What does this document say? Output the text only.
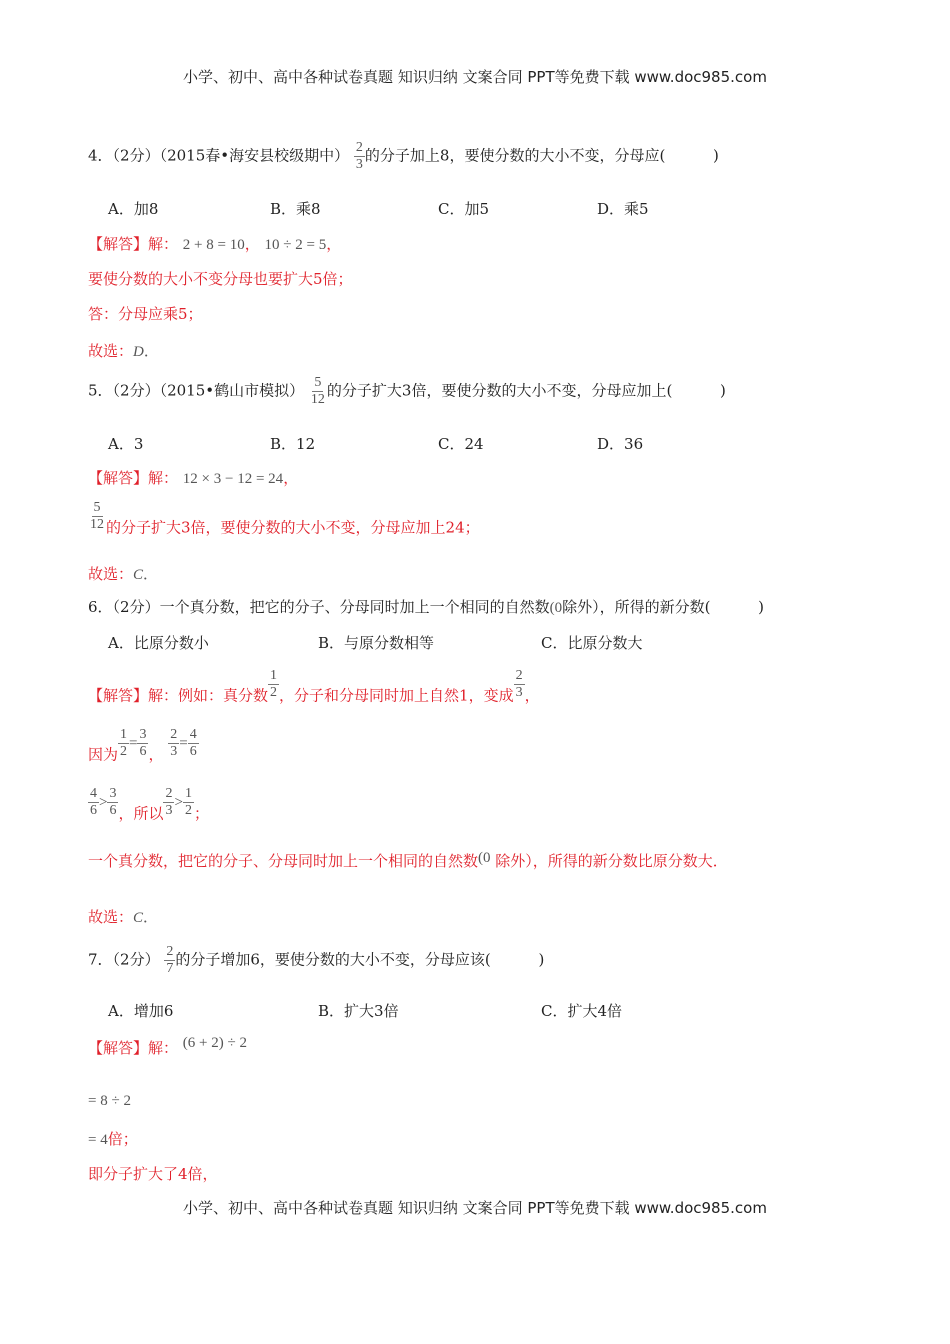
小学、初中、高中各种试卷真题 知识归纳 文案合同 PPT等免费下载 www.doc985.com
4．（2分）（2015春•海安县校级期中） $\frac{2}{3}$ 的分子加上8，要使分数的大小不变，分母应(          )
A．加8	B．乘8	C．加5	D．乘5
【解答】解： 2 + 8 = 10， 10 ÷ 2 = 5，
要使分数的大小不变分母也要扩大5倍；
答：分母应乘5；
故选：D．
5．（2分）（2015•鹤山市模拟） $\frac{5}{12}$ 的分子扩大3倍，要使分数的大小不变，分母应加上(          )
A．3	B．12	C．24	D．36
【解答】解： 12 × 3 − 12 = 24，
$\frac{5}{12}$ 的分子扩大3倍，要使分数的大小不变，分母应加上24；
故选：C．
6．（2分）一个真分数，把它的分子、分母同时加上一个相同的自然数(0除外），所得的新分数(          )
A．比原分数小	B．与原分数相等	C．比原分数大
【解答】解：例如：真分数 $\frac{1}{2}$ ，分子和分母同时加上自然1，变成 $\frac{2}{3}$ ，
因为 $\frac{1}{2} = \frac{3}{6}$ ， $\frac{2}{3} = \frac{4}{6}$
$\frac{4}{6} > \frac{3}{6}$ ，所以 $\frac{2}{3} > \frac{1}{2}$ ；
一个真分数，把它的分子、分母同时加上一个相同的自然数(0 除外），所得的新分数比原分数大．
故选：C．
7．（2分） $\frac{2}{7}$ 的分子增加6，要使分数的大小不变，分母应该(          )
A．增加6	B．扩大3倍	C．扩大4倍
【解答】解： (6 + 2) ÷ 2
= 8 ÷ 2
= 4倍；
即分子扩大了4倍，
小学、初中、高中各种试卷真题 知识归纳 文案合同 PPT等免费下载 www.doc985.com
